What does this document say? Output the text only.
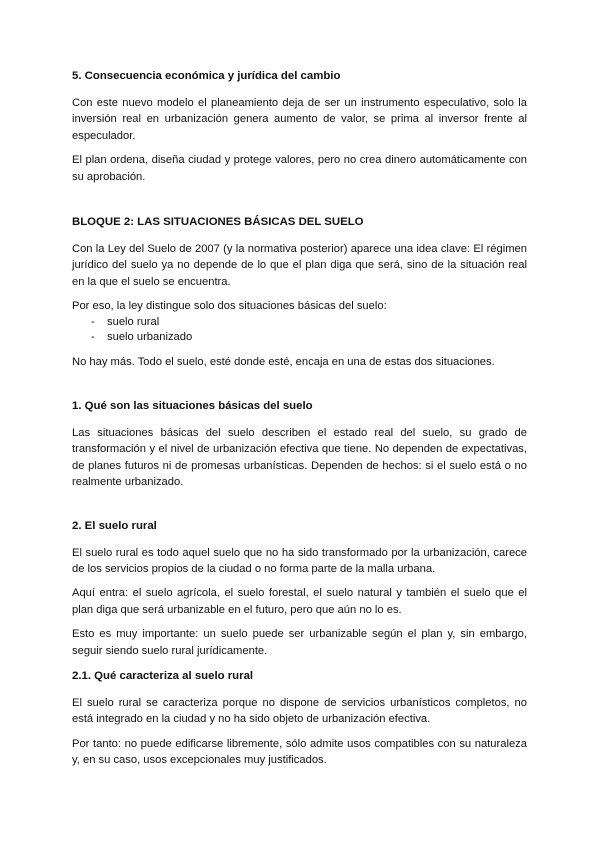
5. Consecuencia económica y jurídica del cambio

Con este nuevo modelo el planeamiento deja de ser un instrumento especulativo, solo la inversión real en urbanización genera aumento de valor, se prima al inversor frente al especulador.

El plan ordena, diseña ciudad y protege valores, pero no crea dinero automáticamente con su aprobación.

BLOQUE 2: LAS SITUACIONES BÁSICAS DEL SUELO

Con la Ley del Suelo de 2007 (y la normativa posterior) aparece una idea clave: El régimen jurídico del suelo ya no depende de lo que el plan diga que será, sino de la situación real en la que el suelo se encuentra.

Por eso, la ley distingue solo dos situaciones básicas del suelo:

- suelo rural
- suelo urbanizado

No hay más. Todo el suelo, esté donde esté, encaja en una de estas dos situaciones.

1. Qué son las situaciones básicas del suelo

Las situaciones básicas del suelo describen el estado real del suelo, su grado de transformación y el nivel de urbanización efectiva que tiene. No dependen de expectativas, de planes futuros ni de promesas urbanísticas. Dependen de hechos: si el suelo está o no realmente urbanizado.

2. El suelo rural

El suelo rural es todo aquel suelo que no ha sido transformado por la urbanización, carece de los servicios propios de la ciudad o no forma parte de la malla urbana.

Aquí entra: el suelo agrícola, el suelo forestal, el suelo natural y también el suelo que el plan diga que será urbanizable en el futuro, pero que aún no lo es.

Esto es muy importante: un suelo puede ser urbanizable según el plan y, sin embargo, seguir siendo suelo rural jurídicamente.

2.1. Qué caracteriza al suelo rural

El suelo rural se caracteriza porque no dispone de servicios urbanísticos completos, no está integrado en la ciudad y no ha sido objeto de urbanización efectiva.

Por tanto: no puede edificarse libremente, sólo admite usos compatibles con su naturaleza y, en su caso, usos excepcionales muy justificados.
